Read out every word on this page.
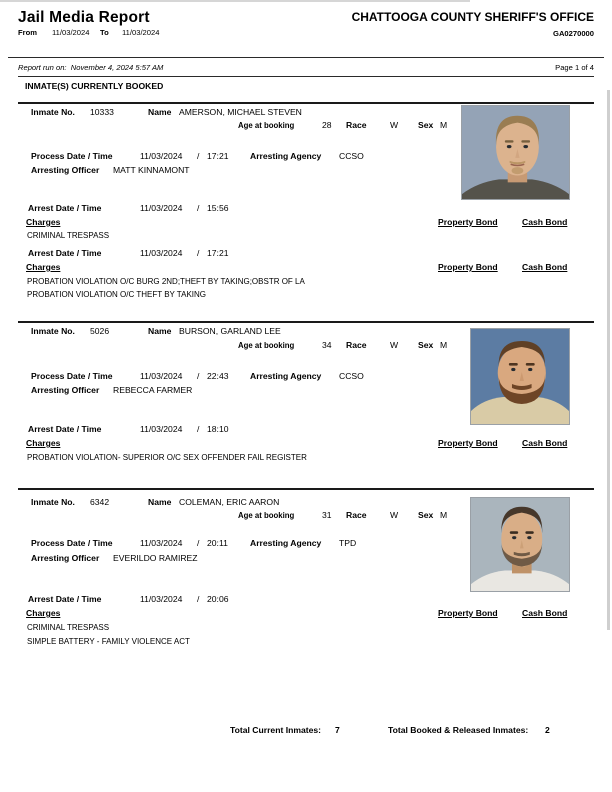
Jail Media Report
From 11/03/2024 To 11/03/2024
CHATTOOGA COUNTY SHERIFF'S OFFICE
GA0270000
Report run on: November 4, 2024 5:57 AM	Page 1 of 4
INMATE(S) CURRENTLY BOOKED
Inmate No. 10333	Name AMERSON, MICHAEL STEVEN
Age at booking	28 Race	W Sex M
Process Date / Time	11/03/2024 / 17:21 Arresting Agency CCSO
Arresting Officer MATT KINNAMONT
Arrest Date / Time	11/03/2024 / 15:56
Charges	Property Bond	Cash Bond
CRIMINAL TRESPASS
Arrest Date / Time	11/03/2024 / 17:21
Charges	Property Bond	Cash Bond
PROBATION VIOLATION O/C BURG 2ND;THEFT BY TAKING;OBSTR OF LA
PROBATION VIOLATION O/C THEFT BY TAKING
Inmate No. 5026	Name BURSON, GARLAND LEE
Age at booking	34 Race	W Sex M
Process Date / Time	11/03/2024 / 22:43 Arresting Agency CCSO
Arresting Officer REBECCA FARMER
Arrest Date / Time	11/03/2024 / 18:10
Charges	Property Bond	Cash Bond
PROBATION VIOLATION- SUPERIOR O/C SEX OFFENDER FAIL REGISTER
Inmate No. 6342	Name COLEMAN, ERIC AARON
Age at booking	31 Race	W Sex M
Process Date / Time	11/03/2024 / 20:11	Arresting Agency TPD
Arresting Officer EVERILDO RAMIREZ
Arrest Date / Time	11/03/2024 / 20:06
Charges	Property Bond	Cash Bond
CRIMINAL TRESPASS
SIMPLE BATTERY - FAMILY VIOLENCE ACT
Total Current Inmates: 7	Total Booked & Released Inmates: 2
